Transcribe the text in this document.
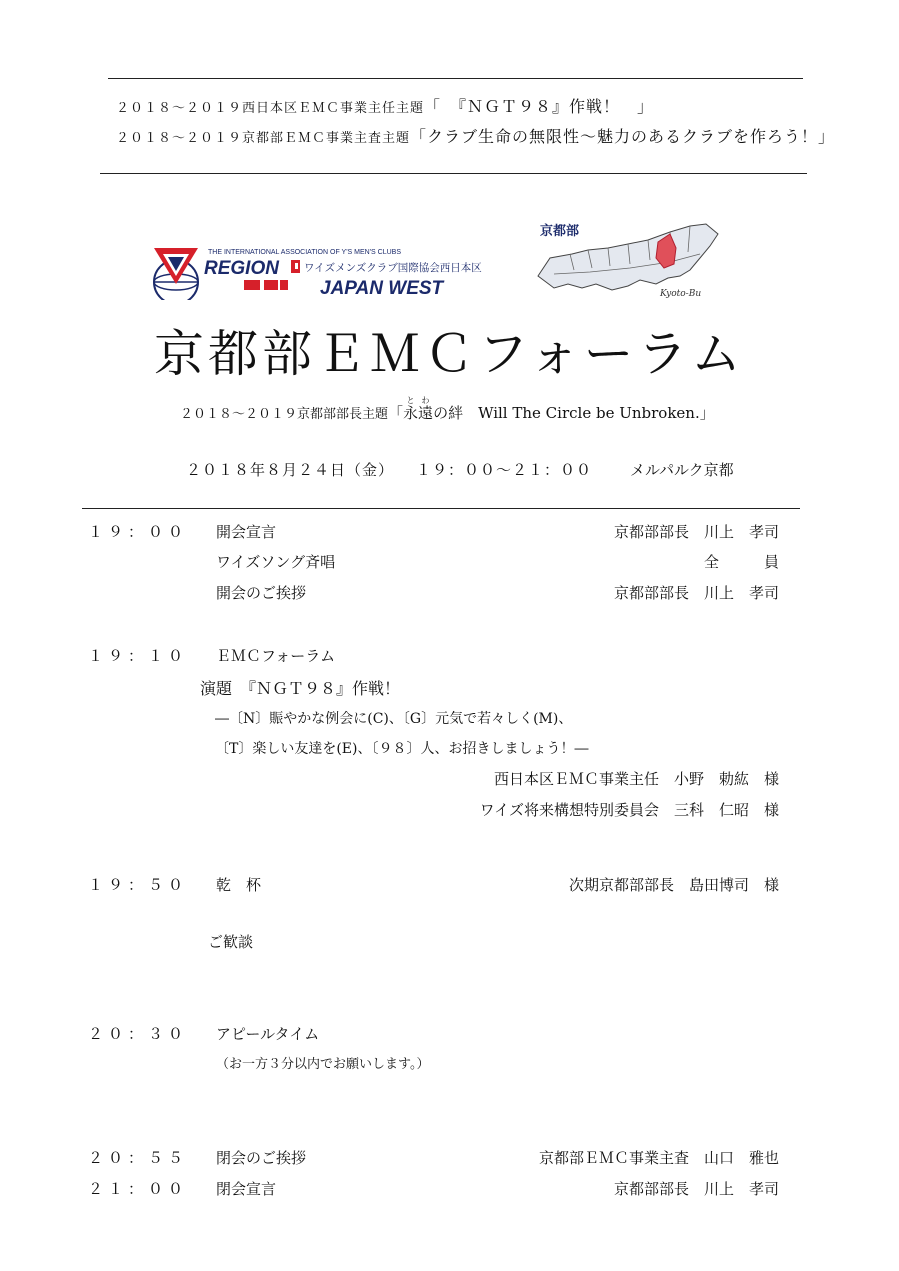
２０１８～２０１９西日本区ＥＭＣ事業主任主題「　『ＮＧＴ９８』作戦！　」
２０１８～２０１９京都部ＥＭＣ事業主査主題「クラブ生命の無限性～魅力のあるクラブを作ろう！」
THE INTERNATIONAL ASSOCIATION OF Y'S MEN'S CLUBS
REGION ワイズメンズクラブ国際協会西日本区
JAPAN WEST
京都部
Kyoto-Bu
京都部ＥＭＣフォーラム
２０１８～２０１９京都部部長主題「永と遠わの絆　Will The Circle be Unbroken.」
２０１８年８月２４日（金） １９：００～２１：００	メルパルク京都
１９：００ 開会宣言	京都部部長　川上　孝司
ワイズソング斉唱	全　　　員
開会のご挨拶	京都部部長　川上　孝司
１９：１０ ＥＭＣフォーラム
演題　『ＮＧＴ９８』作戦！
―〔N〕賑やかな例会に(C)、〔G〕元気で若々しく(M)、
〔T〕楽しい友達を(E)、〔９８〕人、お招きしましょう！―
西日本区ＥＭＣ事業主任　小野　勅紘　様
ワイズ将来構想特別委員会　三科　仁昭　様
１９：５０ 乾　杯	次期京都部部長　島田博司　様
ご歓談
２０：３０ アピールタイム
（お一方３分以内でお願いします。）
２０：５５ 閉会のご挨拶	京都部ＥＭＣ事業主査　山口　雅也
２１：００ 閉会宣言	京都部部長　川上　孝司
